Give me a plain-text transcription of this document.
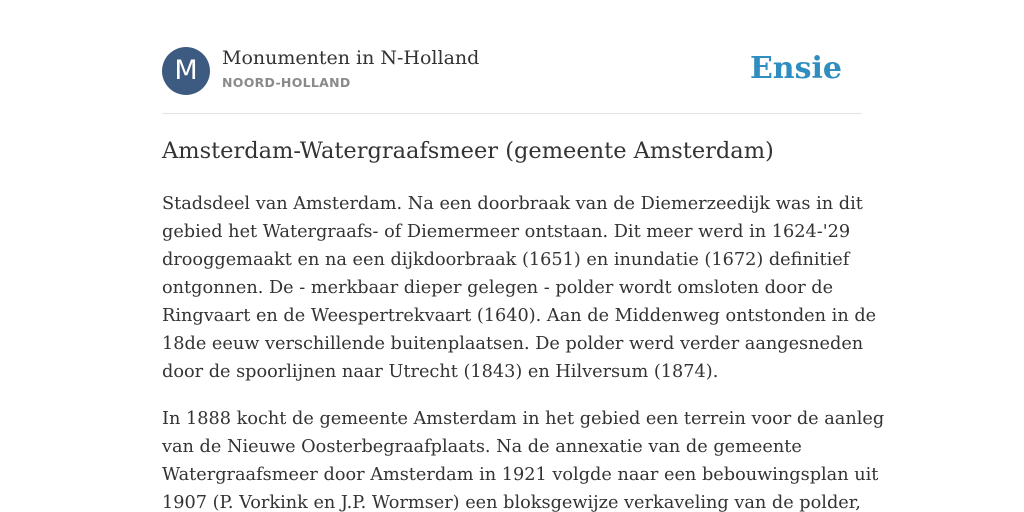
M	Monumenten in N-Holland
NOORD-HOLLAND	Ensie
Amsterdam-Watergraafsmeer (gemeente Amsterdam)

Stadsdeel van Amsterdam. Na een doorbraak van de Diemerzeedijk was in dit
gebied het Watergraafs- of Diemermeer ontstaan. Dit meer werd in 1624-'29
drooggemaakt en na een dijkdoorbraak (1651) en inundatie (1672) definitief
ontgonnen. De - merkbaar dieper gelegen - polder wordt omsloten door de
Ringvaart en de Weespertrekvaart (1640). Aan de Middenweg ontstonden in de
18de eeuw verschillende buitenplaatsen. De polder werd verder aangesneden
door de spoorlijnen naar Utrecht (1843) en Hilversum (1874).

In 1888 kocht de gemeente Amsterdam in het gebied een terrein voor de aanleg
van de Nieuwe Oosterbegraafplaats. Na de annexatie van de gemeente
Watergraafsmeer door Amsterdam in 1921 volgde naar een bebouwingsplan uit
1907 (P. Vorkink en J.P. Wormser) een bloksgewijze verkaveling van de polder,
